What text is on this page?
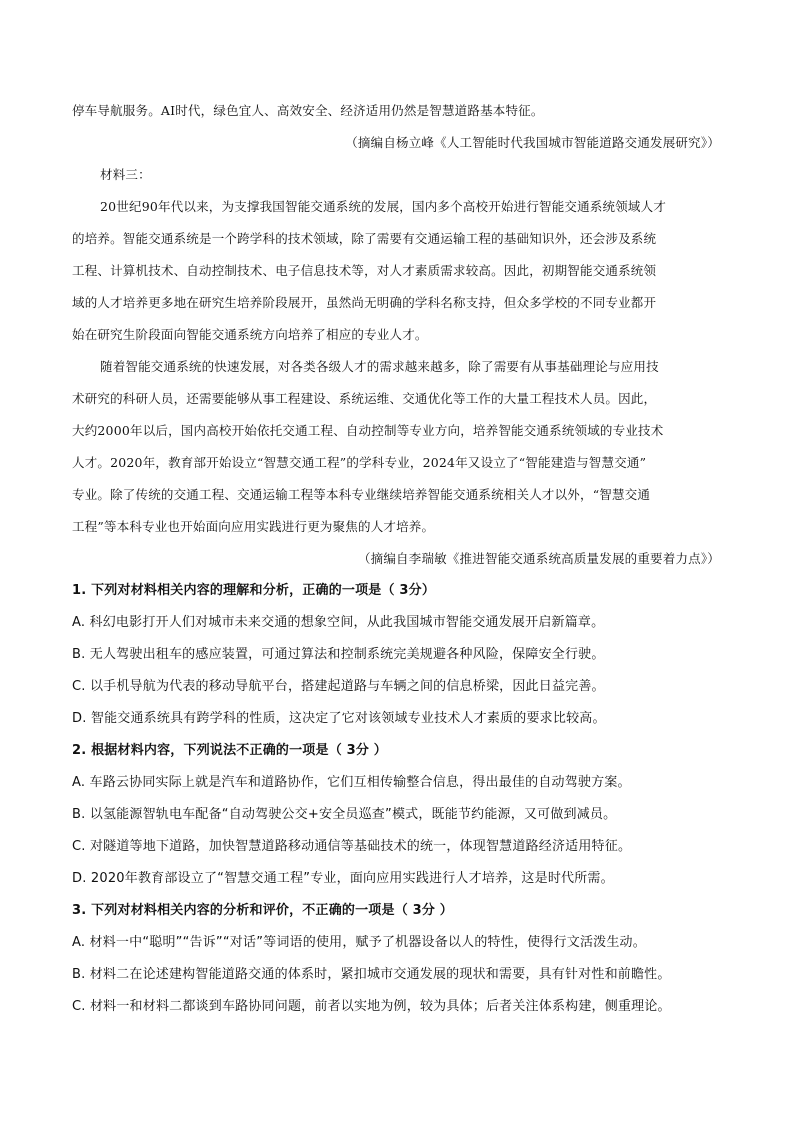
停车导航服务。AI时代，绿色宜人、高效安全、经济适用仍然是智慧道路基本特征。
（摘编自杨立峰《人工智能时代我国城市智能道路交通发展研究》）
材料三：
20世纪90年代以来，为支撑我国智能交通系统的发展，国内多个高校开始进行智能交通系统领域人才
的培养。智能交通系统是一个跨学科的技术领域，除了需要有交通运输工程的基础知识外，还会涉及系统
工程、计算机技术、自动控制技术、电子信息技术等，对人才素质需求较高。因此，初期智能交通系统领
域的人才培养更多地在研究生培养阶段展开，虽然尚无明确的学科名称支持，但众多学校的不同专业都开
始在研究生阶段面向智能交通系统方向培养了相应的专业人才。
随着智能交通系统的快速发展，对各类各级人才的需求越来越多，除了需要有从事基础理论与应用技
术研究的科研人员，还需要能够从事工程建设、系统运维、交通优化等工作的大量工程技术人员。因此，
大约2000年以后，国内高校开始依托交通工程、自动控制等专业方向，培养智能交通系统领域的专业技术
人才。2020年，教育部开始设立“智慧交通工程”的学科专业，2024年又设立了“智能建造与智慧交通”
专业。除了传统的交通工程、交通运输工程等本科专业继续培养智能交通系统相关人才以外，“智慧交通
工程”等本科专业也开始面向应用实践进行更为聚焦的人才培养。
（摘编自李瑞敏《推进智能交通系统高质量发展的重要着力点》）
1. 下列对材料相关内容的理解和分析，正确的一项是（ 3分）
A. 科幻电影打开人们对城市未来交通的想象空间，从此我国城市智能交通发展开启新篇章。
B. 无人驾驶出租车的感应装置，可通过算法和控制系统完美规避各种风险，保障安全行驶。
C. 以手机导航为代表的移动导航平台，搭建起道路与车辆之间的信息桥梁，因此日益完善。
D. 智能交通系统具有跨学科的性质，这决定了它对该领域专业技术人才素质的要求比较高。
2. 根据材料内容，下列说法不正确的一项是（ 3分 ）
A. 车路云协同实际上就是汽车和道路协作，它们互相传输整合信息，得出最佳的自动驾驶方案。
B. 以氢能源智轨电车配备“自动驾驶公交+安全员巡查”模式，既能节约能源，又可做到减员。
C. 对隧道等地下道路，加快智慧道路移动通信等基础技术的统一，体现智慧道路经济适用特征。
D. 2020年教育部设立了“智慧交通工程”专业，面向应用实践进行人才培养，这是时代所需。
3. 下列对材料相关内容的分析和评价，不正确的一项是（ 3分 ）
A. 材料一中“聪明”“告诉”“对话”等词语的使用，赋予了机器设备以人的特性，使得行文活泼生动。
B. 材料二在论述建构智能道路交通的体系时，紧扣城市交通发展的现状和需要，具有针对性和前瞻性。
C. 材料一和材料二都谈到车路协同问题，前者以实地为例，较为具体；后者关注体系构建，侧重理论。
